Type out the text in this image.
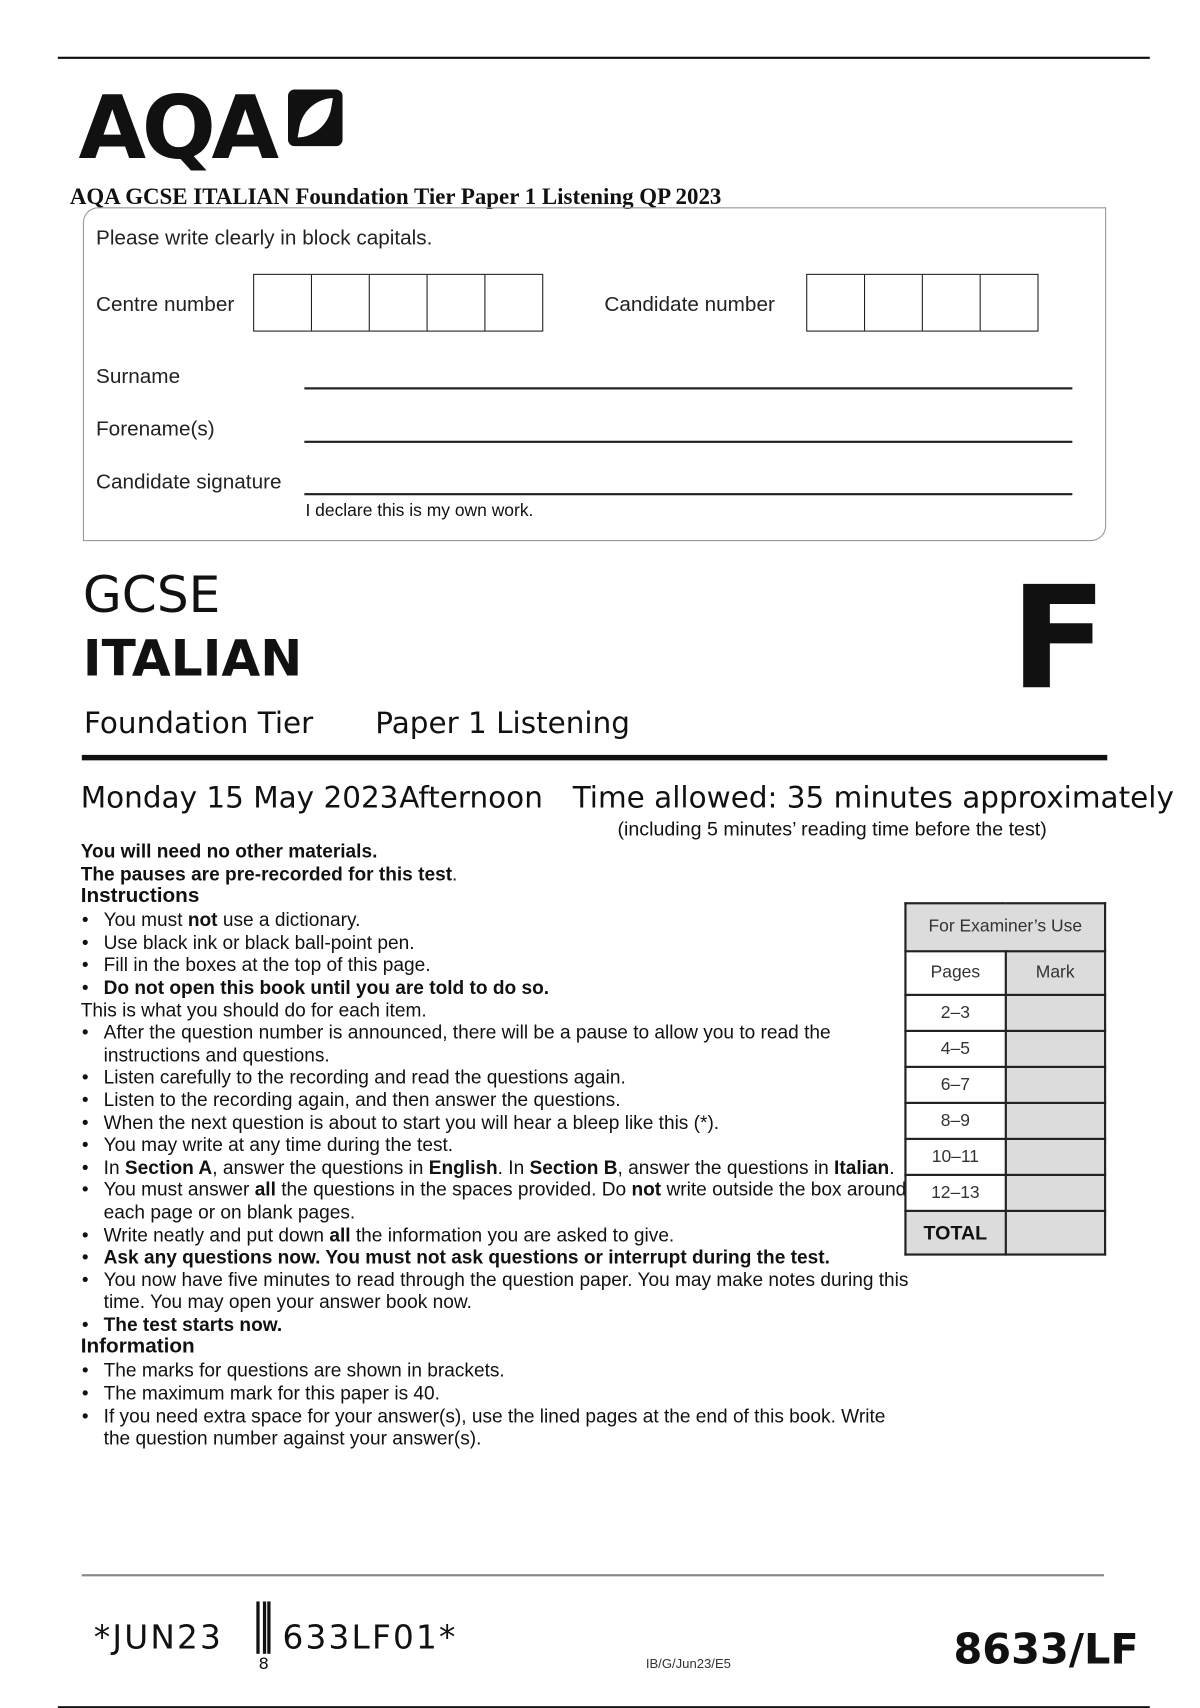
AQA
AQA GCSE ITALIAN Foundation Tier Paper 1 Listening QP 2023
Please write clearly in block capitals.
Centre number	Candidate number
Surname
Forename(s)
Candidate signature
I declare this is my own work.
GCSE
ITALIAN	F
Foundation Tier Paper 1 Listening
Monday 15 May 2023 Afternoon Time allowed: 35 minutes approximately
(including 5 minutes’ reading time before the test)
You will need no other materials.
The pauses are pre-recorded for this test.
Instructions
• You must not use a dictionary.
• Use black ink or black ball-point pen.
• Fill in the boxes at the top of this page.
• Do not open this book until you are told to do so.

This is what you should do for each item.

• After the question number is announced, there will be a pause to allow you to read the instructions and questions.
• Listen carefully to the recording and read the questions again.
• Listen to the recording again, and then answer the questions.
• When the next question is about to start you will hear a bleep like this (*).
• You may write at any time during the test.
• In Section A, answer the questions in English. In Section B, answer the questions in Italian.
• You must answer all the questions in the spaces provided. Do not write outside the box around each page or on blank pages.
• Write neatly and put down all the information you are asked to give.
• Ask any questions now. You must not ask questions or interrupt during the test.
• You now have five minutes to read through the question paper. You may make notes during this time. You may open your answer book now.
• The test starts now.
Information
• The marks for questions are shown in brackets.
• The maximum mark for this paper is 40.
• If you need extra space for your answer(s), use the lined pages at the end of this book. Write the question number against your answer(s).
For Examiner’s Use	
Pages	Mark
2–3	
4–5	
6–7	
8–9	
10–11	
12–13	
TOTAL	
*JUN23
8
633LF01*
IB/G/Jun23/E5	8633/LF
